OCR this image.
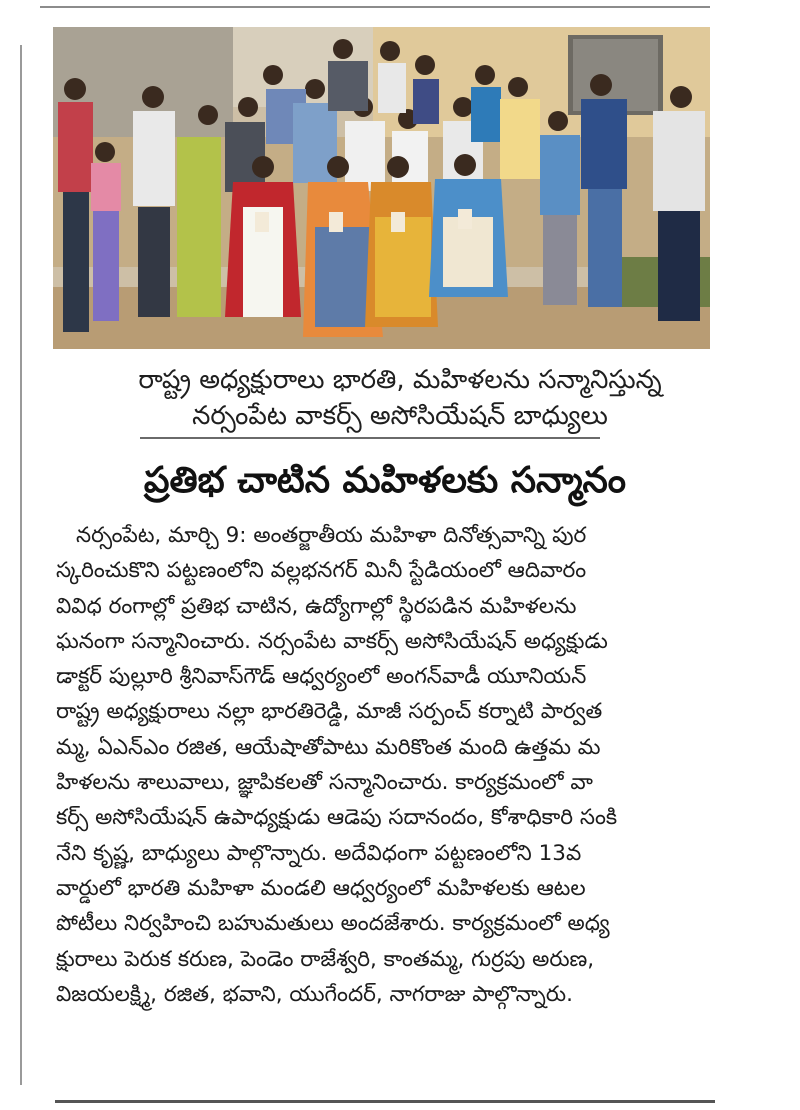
రాష్ట్ర అధ్యక్షురాలు భారతి, మహిళలను సన్మానిస్తున్న
నర్సంపేట వాకర్స్ అసోసియేషన్ బాధ్యులు
ప్రతిభ చాటిన మహిళలకు సన్మానం
నర్సంపేట, మార్చి 9: అంతర్జాతీయ మహిళా దినోత్సవాన్ని పుర
స్కరించుకొని పట్టణంలోని వల్లభనగర్ మినీ స్టేడియంలో ఆదివారం
వివిధ రంగాల్లో ప్రతిభ చాటిన, ఉద్యోగాల్లో స్థిరపడిన మహిళలను
ఘనంగా సన్మానించారు. నర్సంపేట వాకర్స్ అసోసియేషన్ అధ్యక్షుడు
డాక్టర్ పుల్లూరి శ్రీనివాస్‌గౌడ్ ఆధ్వర్యంలో అంగన్‌వాడీ యూనియన్
రాష్ట్ర అధ్యక్షురాలు నల్లా భారతిరెడ్డి, మాజీ సర్పంచ్ కర్నాటి పార్వత
మ్మ, ఏఎన్ఎం రజిత, ఆయేషాతోపాటు మరికొంత మంది ఉత్తమ మ
హిళలను శాలువాలు, జ్ఞాపికలతో సన్మానించారు. కార్యక్రమంలో వా
కర్స్ అసోసియేషన్ ఉపాధ్యక్షుడు ఆడెపు సదానందం, కోశాధికారి సంకి
నేని కృష్ణ, బాధ్యులు పాల్గొన్నారు. అదేవిధంగా పట్టణంలోని 13వ
వార్డులో భారతి మహిళా మండలి ఆధ్వర్యంలో మహిళలకు ఆటల
పోటీలు నిర్వహించి బహుమతులు అందజేశారు. కార్యక్రమంలో అధ్య
క్షురాలు పెరుక కరుణ, పెండెం రాజేశ్వరి, కాంతమ్మ, గుర్రపు అరుణ,
విజయలక్ష్మి, రజిత, భవాని, యుగేందర్, నాగరాజు పాల్గొన్నారు.
